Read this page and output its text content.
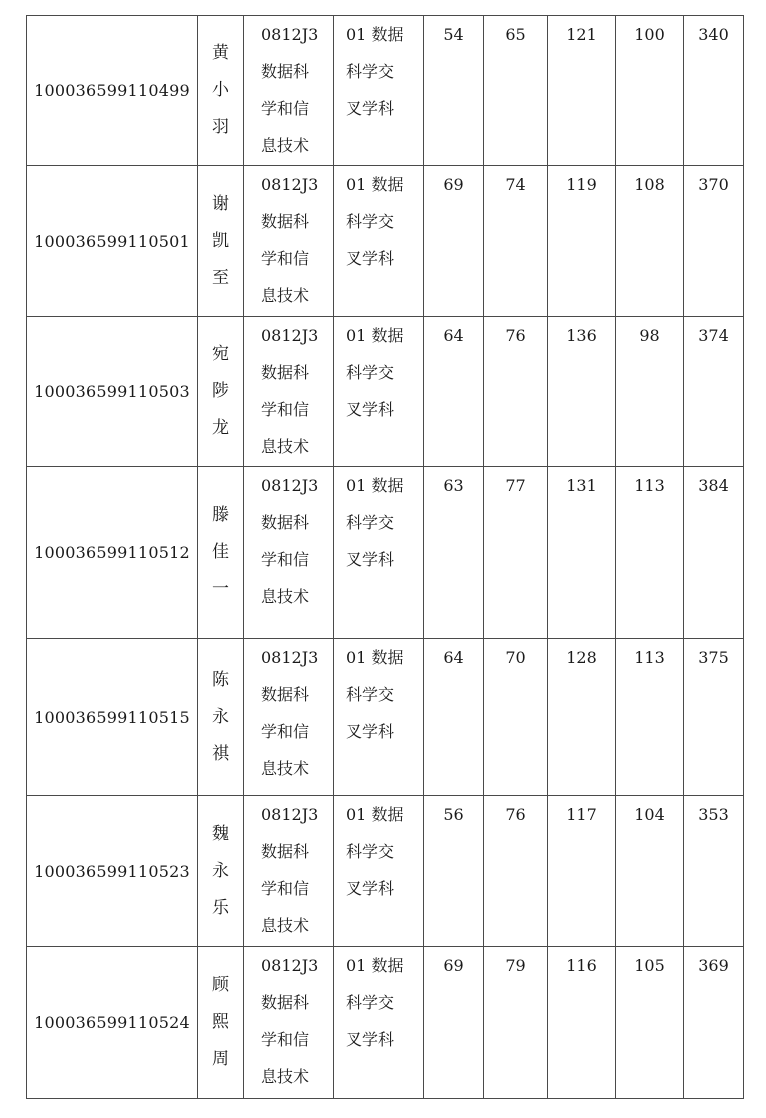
100036599110499	黄
小
羽	0812J3
数据科
学和信
息技术	01 数据
科学交
叉学科	54	65	121	100	340
100036599110501	谢
凯
至	0812J3
数据科
学和信
息技术	01 数据
科学交
叉学科	69	74	119	108	370
100036599110503	宛
陟
龙	0812J3
数据科
学和信
息技术	01 数据
科学交
叉学科	64	76	136	98	374
100036599110512	滕
佳
一	0812J3
数据科
学和信
息技术	01 数据
科学交
叉学科	63	77	131	113	384
100036599110515	陈
永
祺	0812J3
数据科
学和信
息技术	01 数据
科学交
叉学科	64	70	128	113	375
100036599110523	魏
永
乐	0812J3
数据科
学和信
息技术	01 数据
科学交
叉学科	56	76	117	104	353
100036599110524	顾
熙
周	0812J3
数据科
学和信
息技术	01 数据
科学交
叉学科	69	79	116	105	369
